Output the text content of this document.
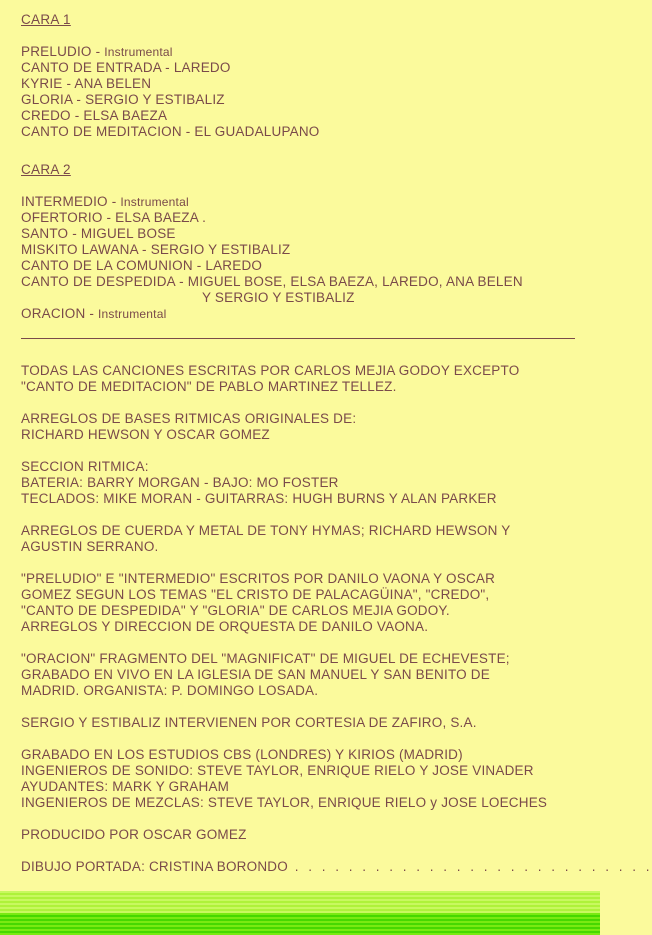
CARA 1
PRELUDIO - Instrumental
CANTO DE ENTRADA - LAREDO
KYRIE - ANA BELEN
GLORIA - SERGIO Y ESTIBALIZ
CREDO - ELSA BAEZA
CANTO DE MEDITACION - EL GUADALUPANO
CARA 2
INTERMEDIO - Instrumental
OFERTORIO - ELSA BAEZA .
SANTO - MIGUEL BOSE
MISKITO LAWANA - SERGIO Y ESTIBALIZ
CANTO DE LA COMUNION - LAREDO
CANTO DE DESPEDIDA - MIGUEL BOSE, ELSA BAEZA, LAREDO, ANA BELEN
Y SERGIO Y ESTIBALIZ
ORACION - Instrumental

TODAS LAS CANCIONES ESCRITAS POR CARLOS MEJIA GODOY EXCEPTO
"CANTO DE MEDITACION" DE PABLO MARTINEZ TELLEZ.

ARREGLOS DE BASES RITMICAS ORIGINALES DE:
RICHARD HEWSON Y OSCAR GOMEZ

SECCION RITMICA:
BATERIA: BARRY MORGAN - BAJO: MO FOSTER
TECLADOS: MIKE MORAN - GUITARRAS: HUGH BURNS Y ALAN PARKER

ARREGLOS DE CUERDA Y METAL DE TONY HYMAS; RICHARD HEWSON Y
AGUSTIN SERRANO.

"PRELUDIO" E "INTERMEDIO" ESCRITOS POR DANILO VAONA Y OSCAR
GOMEZ SEGUN LOS TEMAS "EL CRISTO DE PALACAGÜINA", "CREDO",
"CANTO DE DESPEDIDA" Y "GLORIA" DE CARLOS MEJIA GODOY.
ARREGLOS Y DIRECCION DE ORQUESTA DE DANILO VAONA.

"ORACION" FRAGMENTO DEL "MAGNIFICAT" DE MIGUEL DE ECHEVESTE;
GRABADO EN VIVO EN LA IGLESIA DE SAN MANUEL Y SAN BENITO DE
MADRID. ORGANISTA: P. DOMINGO LOSADA.

SERGIO Y ESTIBALIZ INTERVIENEN POR CORTESIA DE ZAFIRO, S.A.

GRABADO EN LOS ESTUDIOS CBS (LONDRES) Y KIRIOS (MADRID)
INGENIEROS DE SONIDO: STEVE TAYLOR, ENRIQUE RIELO Y JOSE VINADER
AYUDANTES: MARK Y GRAHAM
INGENIEROS DE MEZCLAS: STEVE TAYLOR, ENRIQUE RIELO y JOSE LOECHES

PRODUCIDO POR OSCAR GOMEZ

DIBUJO PORTADA: CRISTINA BORONDO . . . . . . . . . . . . . . . . . . . . . . . . . . .
